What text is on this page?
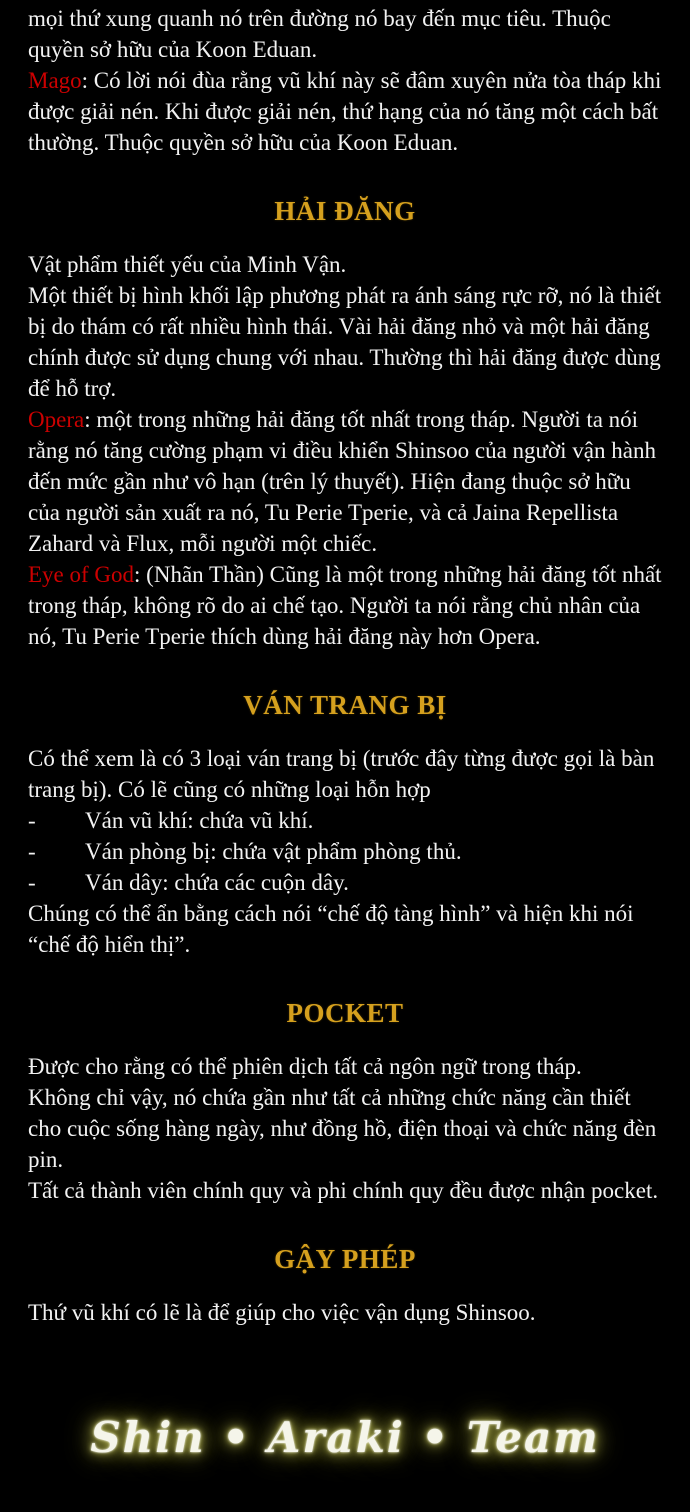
mọi thứ xung quanh nó trên đường nó bay đến mục tiêu. Thuộc quyền sở hữu của Koon Eduan.

Mago: Có lời nói đùa rằng vũ khí này sẽ đâm xuyên nửa tòa tháp khi được giải nén. Khi được giải nén, thứ hạng của nó tăng một cách bất thường. Thuộc quyền sở hữu của Koon Eduan.

HẢI ĐĂNG

Vật phẩm thiết yếu của Minh Vận.

Một thiết bị hình khối lập phương phát ra ánh sáng rực rỡ, nó là thiết bị do thám có rất nhiều hình thái. Vài hải đăng nhỏ và một hải đăng chính được sử dụng chung với nhau. Thường thì hải đăng được dùng để hỗ trợ.

Opera: một trong những hải đăng tốt nhất trong tháp. Người ta nói rằng nó tăng cường phạm vi điều khiển Shinsoo của người vận hành đến mức gần như vô hạn (trên lý thuyết). Hiện đang thuộc sở hữu của người sản xuất ra nó, Tu Perie Tperie, và cả Jaina Repellista Zahard và Flux, mỗi người một chiếc.

Eye of God: (Nhãn Thần) Cũng là một trong những hải đăng tốt nhất trong tháp, không rõ do ai chế tạo. Người ta nói rằng chủ nhân của nó, Tu Perie Tperie thích dùng hải đăng này hơn Opera.

VÁN TRANG BỊ

Có thể xem là có 3 loại ván trang bị (trước đây từng được gọi là bàn trang bị). Có lẽ cũng có những loại hỗn hợp

-	Ván vũ khí: chứa vũ khí.
-	Ván phòng bị: chứa vật phẩm phòng thủ.
-	Ván dây: chứa các cuộn dây.

Chúng có thể ẩn bằng cách nói “chế độ tàng hình” và hiện khi nói “chế độ hiển thị”.

POCKET

Được cho rằng có thể phiên dịch tất cả ngôn ngữ trong tháp.

Không chỉ vậy, nó chứa gần như tất cả những chức năng cần thiết cho cuộc sống hàng ngày, như đồng hồ, điện thoại và chức năng đèn pin.

Tất cả thành viên chính quy và phi chính quy đều được nhận pocket.

GẬY PHÉP

Thứ vũ khí có lẽ là để giúp cho việc vận dụng Shinsoo.

Shin • Araki • Team
